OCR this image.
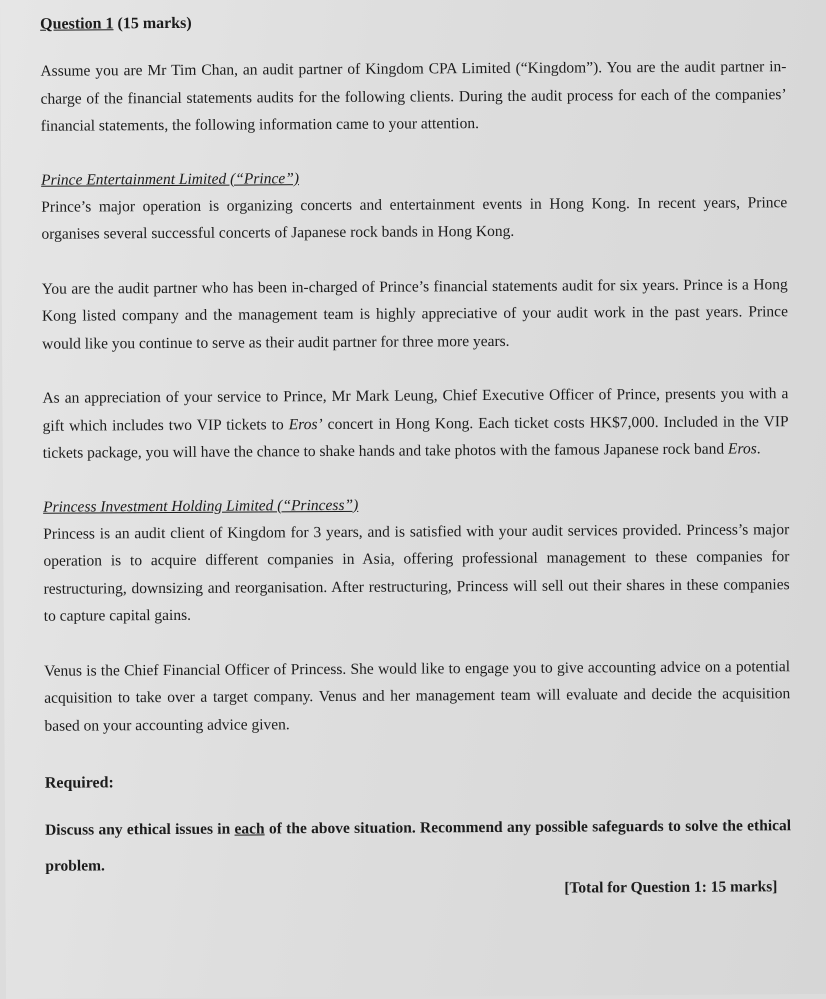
Question 1 (15 marks)

Assume you are Mr Tim Chan, an audit partner of Kingdom CPA Limited (“Kingdom”). You are the audit partner in-charge of the financial statements audits for the following clients. During the audit process for each of the companies’ financial statements, the following information came to your attention.

Prince Entertainment Limited (“Prince”)

Prince’s major operation is organizing concerts and entertainment events in Hong Kong. In recent years, Prince organises several successful concerts of Japanese rock bands in Hong Kong.

You are the audit partner who has been in-charged of Prince’s financial statements audit for six years. Prince is a Hong Kong listed company and the management team is highly appreciative of your audit work in the past years. Prince would like you continue to serve as their audit partner for three more years.

As an appreciation of your service to Prince, Mr Mark Leung, Chief Executive Officer of Prince, presents you with a gift which includes two VIP tickets to Eros’ concert in Hong Kong. Each ticket costs HK$7,000. Included in the VIP tickets package, you will have the chance to shake hands and take photos with the famous Japanese rock band Eros.

Princess Investment Holding Limited (“Princess”)

Princess is an audit client of Kingdom for 3 years, and is satisfied with your audit services provided. Princess’s major operation is to acquire different companies in Asia, offering professional management to these companies for restructuring, downsizing and reorganisation. After restructuring, Princess will sell out their shares in these companies to capture capital gains.

Venus is the Chief Financial Officer of Princess. She would like to engage you to give accounting advice on a potential acquisition to take over a target company. Venus and her management team will evaluate and decide the acquisition based on your accounting advice given.

Required:

Discuss any ethical issues in each of the above situation. Recommend any possible safeguards to solve the ethical problem.

[Total for Question 1: 15 marks]
